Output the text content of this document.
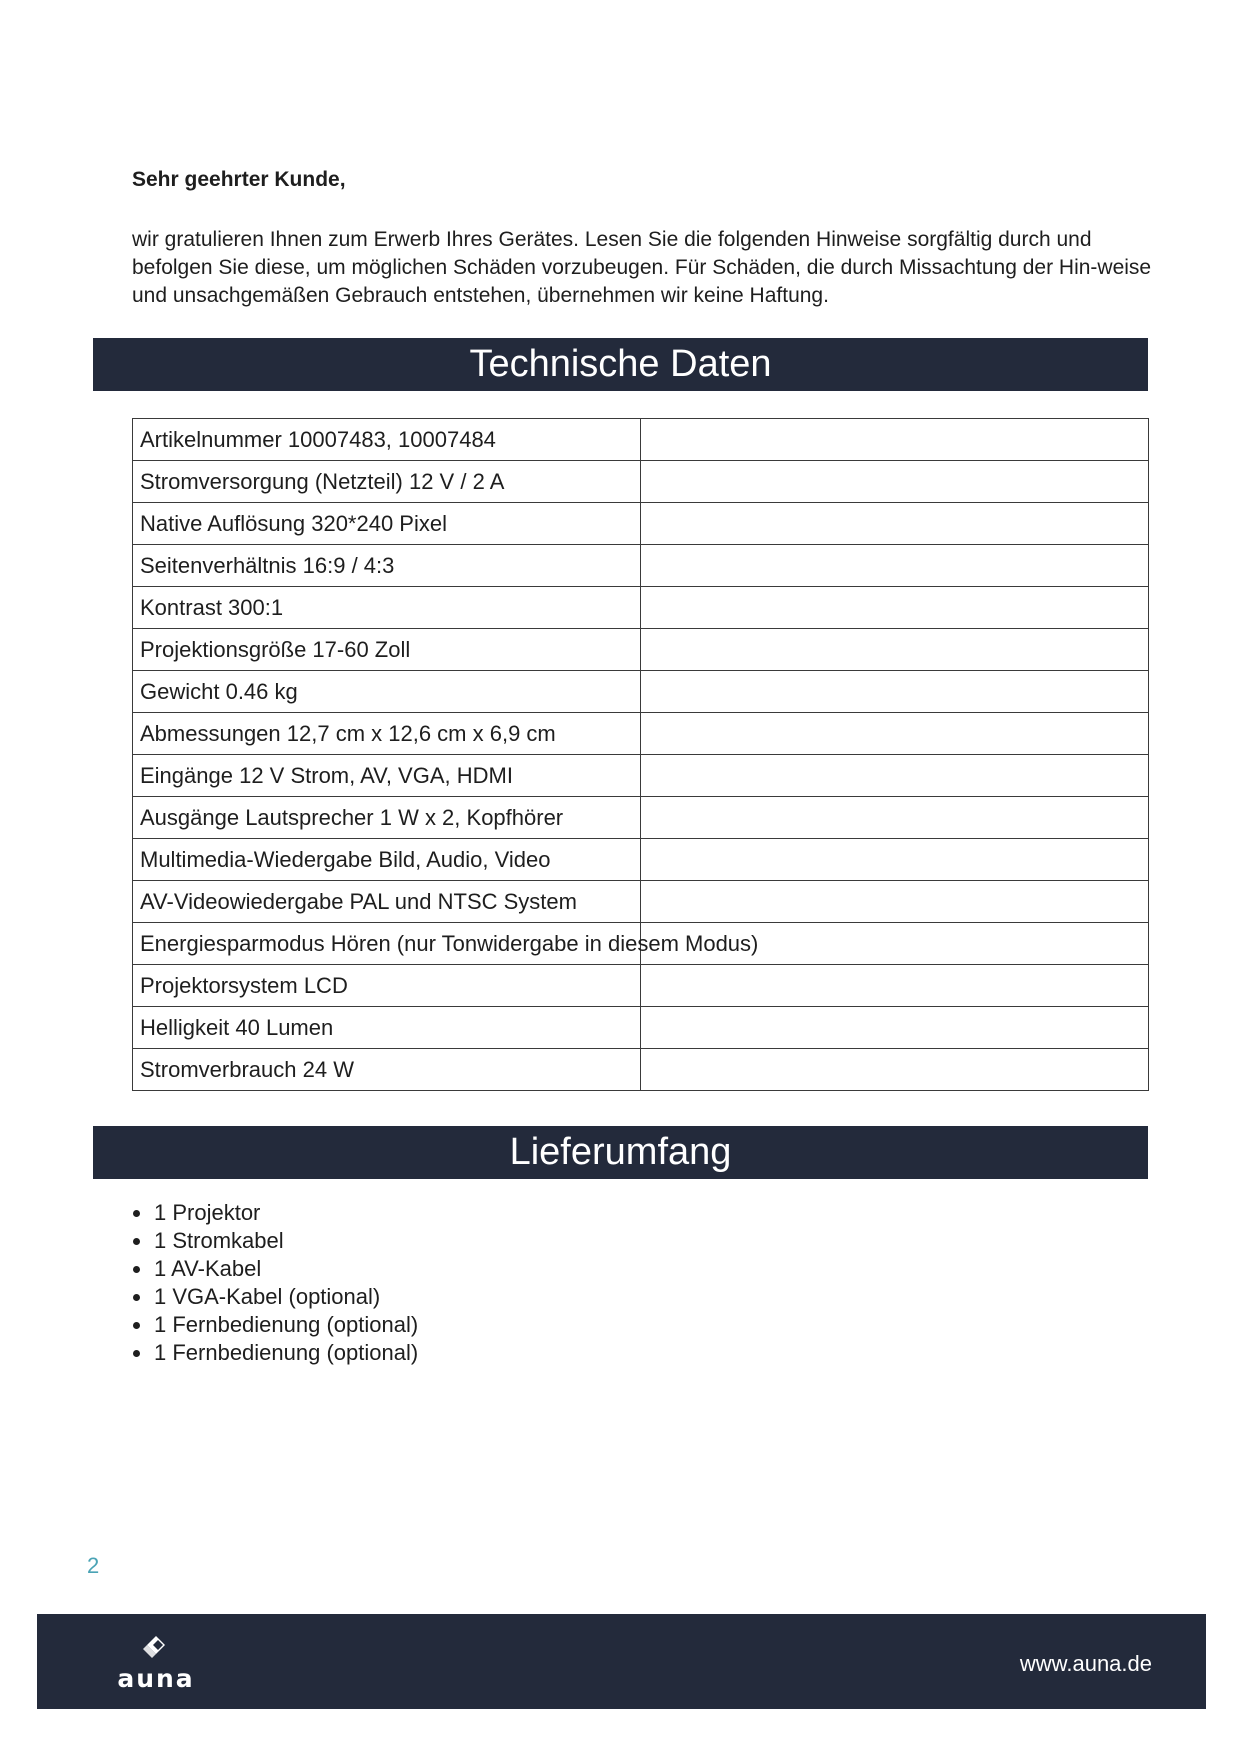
Sehr geehrter Kunde,

wir gratulieren Ihnen zum Erwerb Ihres Gerätes. Lesen Sie die folgenden Hinweise sorgfältig durch und befolgen Sie diese, um möglichen Schäden vorzubeugen. Für Schäden, die durch Missachtung der Hin-weise und unsachgemäßen Gebrauch entstehen, übernehmen wir keine Haftung.

Technische Daten
Artikelnummer 10007483, 10007484	
Stromversorgung (Netzteil) 12 V / 2 A	
Native Auflösung 320*240 Pixel	
Seitenverhältnis 16:9 / 4:3	
Kontrast 300:1	
Projektionsgröße 17-60 Zoll	
Gewicht 0.46 kg	
Abmessungen 12,7 cm x 12,6 cm x 6,9 cm	
Eingänge 12 V Strom, AV, VGA, HDMI	
Ausgänge Lautsprecher 1 W x 2, Kopfhörer	
Multimedia-Wiedergabe Bild, Audio, Video	
AV-Videowiedergabe PAL und NTSC System	
Energiesparmodus Hören (nur Tonwidergabe in diesem Modus)	
Projektorsystem LCD	
Helligkeit 40 Lumen	
Stromverbrauch 24 W	
Lieferumfang
1 Projektor
1 Stromkabel
1 AV-Kabel
1 VGA-Kabel (optional)
1 Fernbedienung (optional)
1 Fernbedienung (optional)

2

auna
www.auna.de
